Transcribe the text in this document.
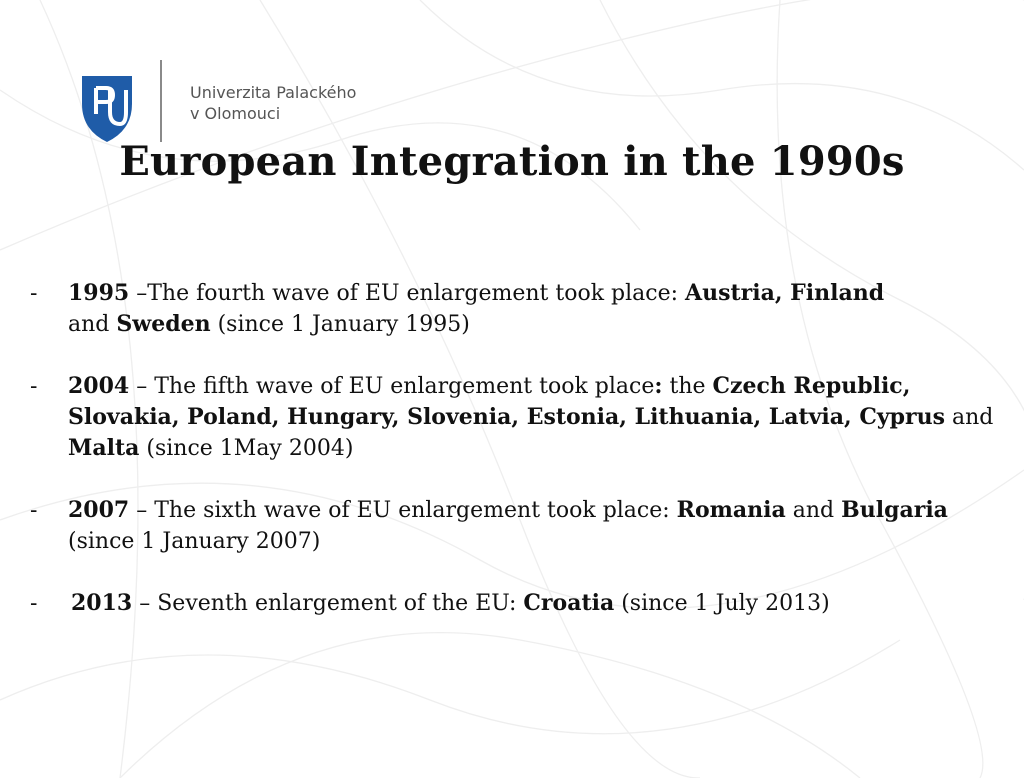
Univerzita Palackého
v Olomouci
European Integration in the 1990s
-	1995 –The fourth wave of EU enlargement took place: Austria, Finland
and Sweden (since 1 January 1995)
-	2004 – The fifth wave of EU enlargement took place: the Czech Republic, Slovakia, Poland, Hungary, Slovenia, Estonia, Lithuania, Latvia, Cyprus and Malta (since 1May 2004)
-	2007 – The sixth wave of EU enlargement took place: Romania and Bulgaria (since 1 January 2007)
-	2013 – Seventh enlargement of the EU: Croatia (since 1 July 2013)
